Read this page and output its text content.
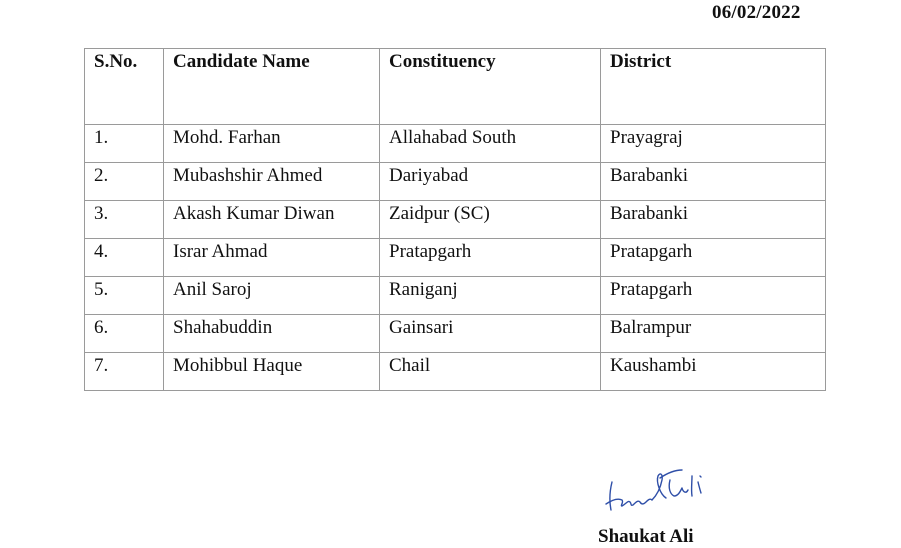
06/02/2022
S.No.	Candidate Name	Constituency	District
1.	Mohd. Farhan	Allahabad South	Prayagraj
2.	Mubashshir Ahmed	Dariyabad	Barabanki
3.	Akash Kumar Diwan	Zaidpur (SC)	Barabanki
4.	Israr Ahmad	Pratapgarh	Pratapgarh
5.	Anil Saroj	Raniganj	Pratapgarh
6.	Shahabuddin	Gainsari	Balrampur
7.	Mohibbul Haque	Chail	Kaushambi
Shaukat Ali
